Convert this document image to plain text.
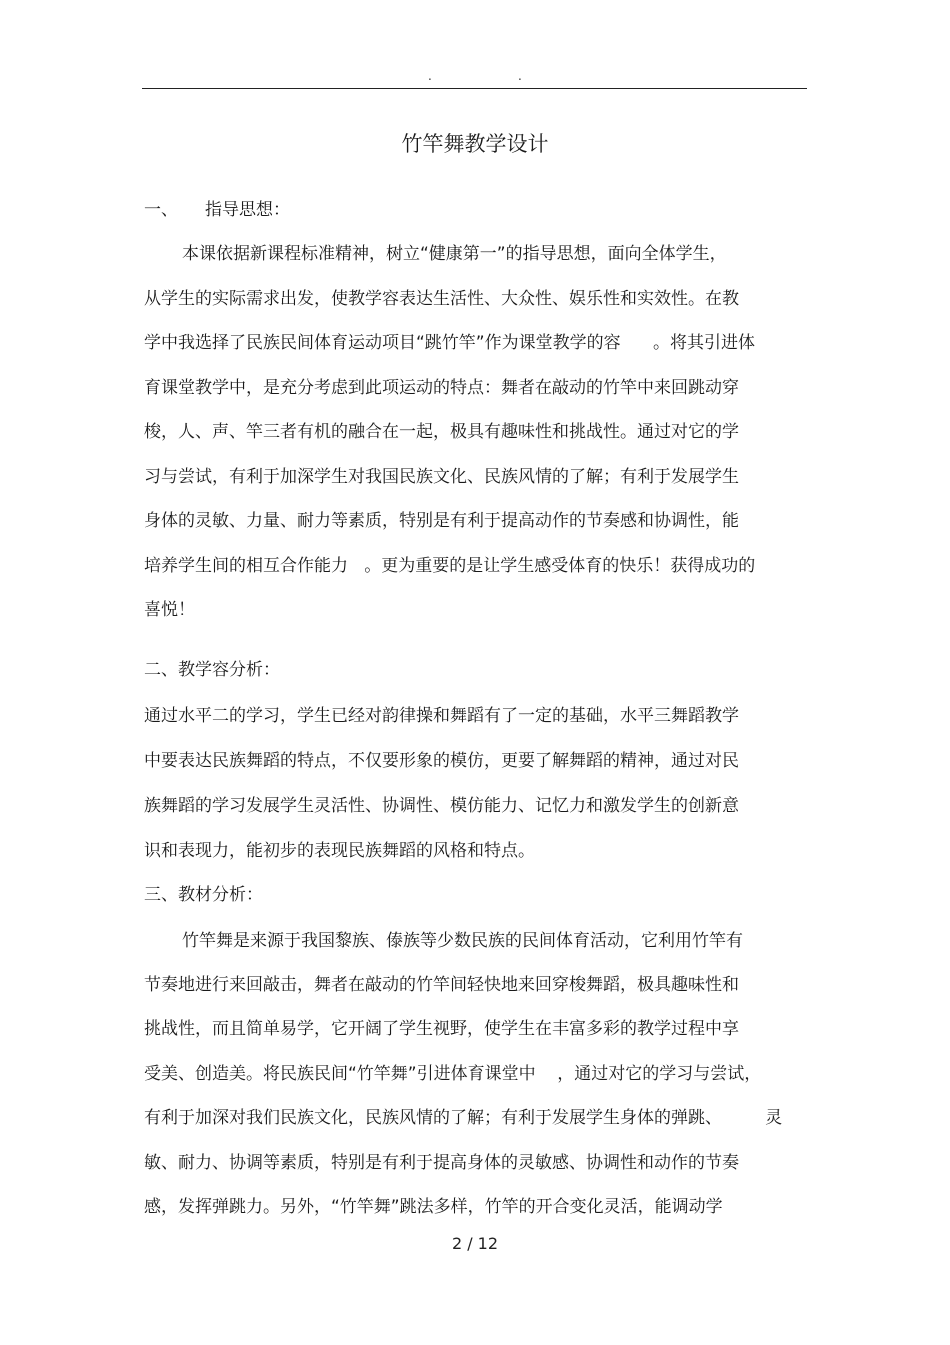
.	.
竹竿舞教学设计
一、     指导思想：
本课依据新课程标准精神，树立“健康第一”的指导思想，面向全体学生，
从学生的实际需求出发，使教学容表达生活性、大众性、娱乐性和实效性。在教
学中我选择了民族民间体育运动项目“跳竹竿”作为课堂教学的容      。将其引进体
育课堂教学中，是充分考虑到此项运动的特点：舞者在敲动的竹竿中来回跳动穿
梭，人、声、竿三者有机的融合在一起，极具有趣味性和挑战性。通过对它的学
习与尝试，有利于加深学生对我国民族文化、民族风情的了解；有利于发展学生
身体的灵敏、力量、耐力等素质，特别是有利于提高动作的节奏感和协调性，能
培养学生间的相互合作能力   。更为重要的是让学生感受体育的快乐！获得成功的
喜悦！
二、教学容分析：
通过水平二的学习，学生已经对韵律操和舞蹈有了一定的基础，水平三舞蹈教学
中要表达民族舞蹈的特点，不仅要形象的模仿，更要了解舞蹈的精神，通过对民
族舞蹈的学习发展学生灵活性、协调性、模仿能力、记忆力和激发学生的创新意
识和表现力，能初步的表现民族舞蹈的风格和特点。
三、教材分析：
竹竿舞是来源于我国黎族、傣族等少数民族的民间体育活动，它利用竹竿有
节奏地进行来回敲击，舞者在敲动的竹竿间轻快地来回穿梭舞蹈，极具趣味性和
挑战性，而且简单易学，它开阔了学生视野，使学生在丰富多彩的教学过程中享
受美、创造美。将民族民间“竹竿舞”引进体育课堂中    ，通过对它的学习与尝试，
有利于加深对我们民族文化，民族风情的了解；有利于发展学生身体的弹跳、        灵
敏、耐力、协调等素质，特别是有利于提高身体的灵敏感、协调性和动作的节奏
感，发挥弹跳力。另外，“竹竿舞”跳法多样，竹竿的开合变化灵活，能调动学
2 / 12
